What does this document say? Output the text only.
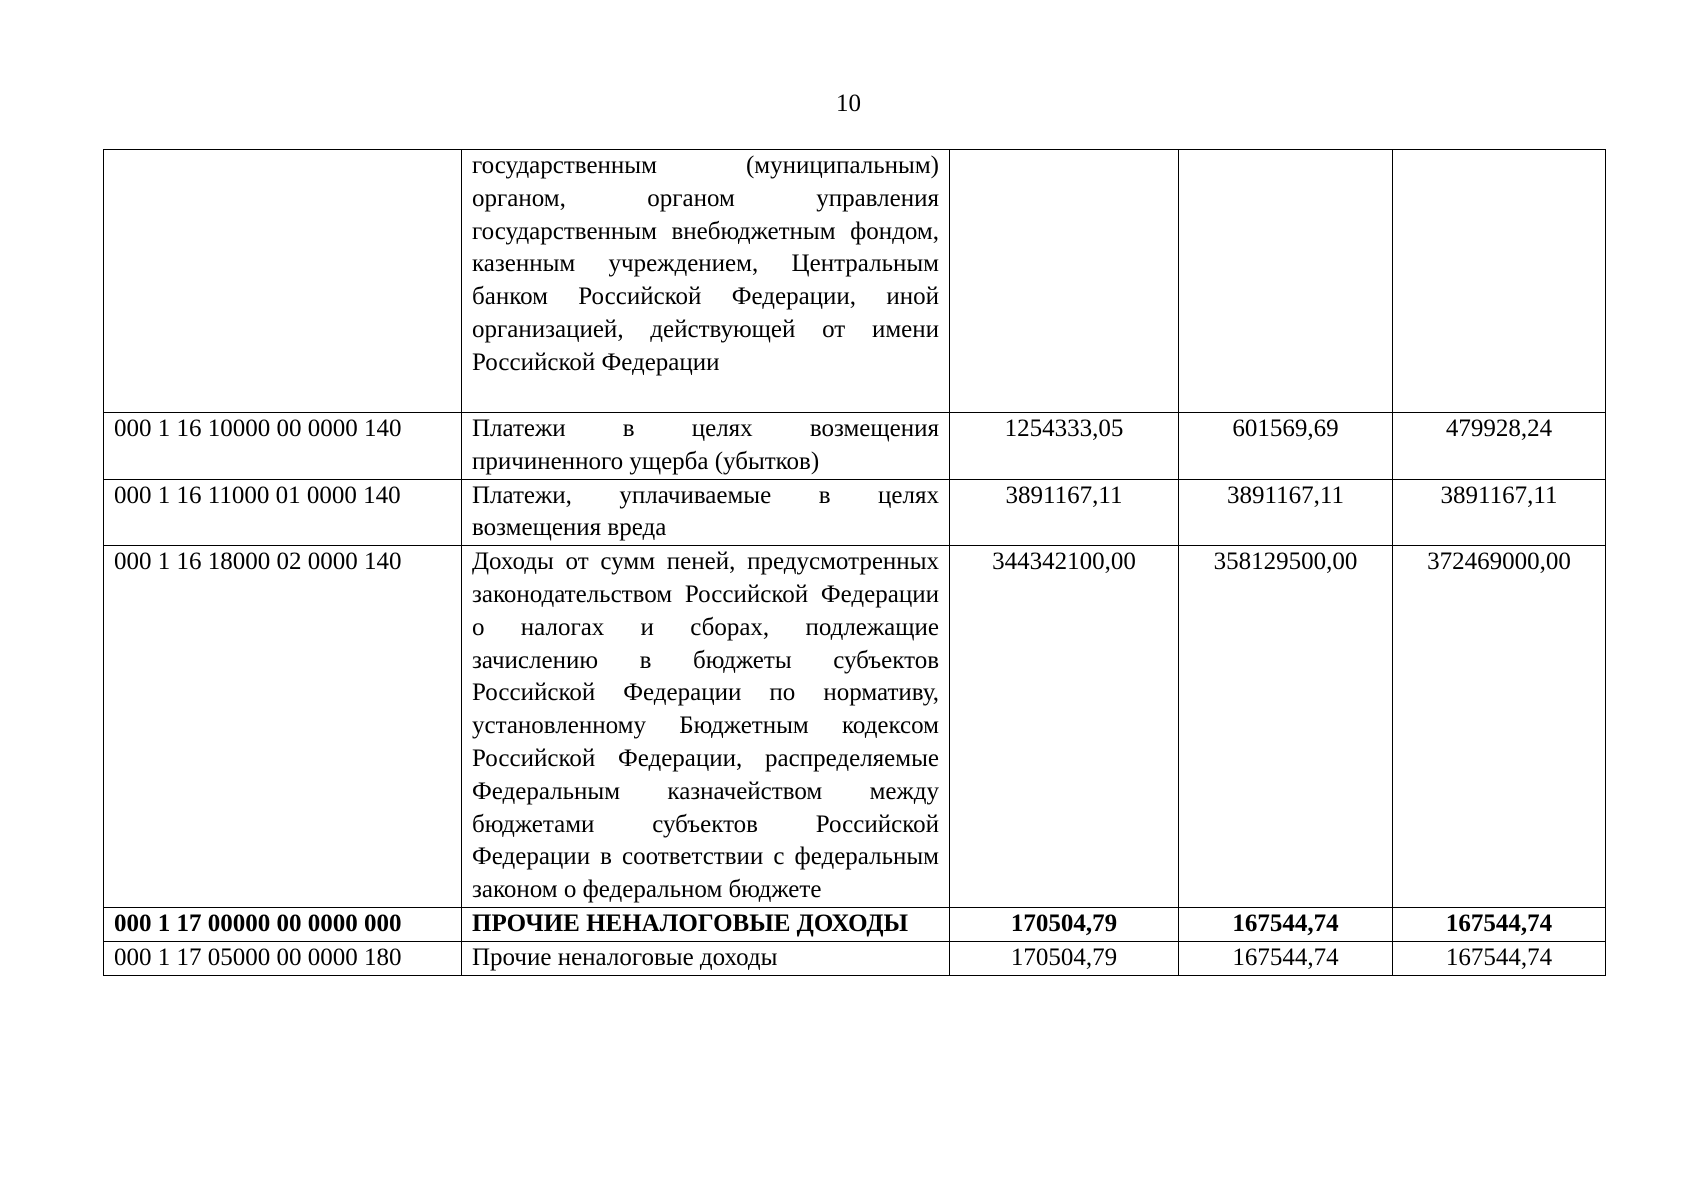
10
	государственным (муниципальным) органом, органом управления государственным внебюджетным фондом, казенным учреждением, Центральным банком Российской Федерации, иной организацией, действующей от имени Российской Федерации			
000 1 16 10000 00 0000 140	Платежи в целях возмещения причиненного ущерба (убытков)	1254333,05	601569,69	479928,24
000 1 16 11000 01 0000 140	Платежи, уплачиваемые в целях возмещения вреда	3891167,11	3891167,11	3891167,11
000 1 16 18000 02 0000 140	Доходы от сумм пеней, предусмотренных законодательством Российской Федерации о налогах и сборах, подлежащие зачислению в бюджеты субъектов Российской Федерации по нормативу, установленному Бюджетным кодексом Российской Федерации, распределяемые Федеральным казначейством между бюджетами субъектов Российской Федерации в соответствии с федеральным законом о федеральном бюджете	344342100,00	358129500,00	372469000,00
000 1 17 00000 00 0000 000	ПРОЧИЕ НЕНАЛОГОВЫЕ ДОХОДЫ	170504,79	167544,74	167544,74
000 1 17 05000 00 0000 180	Прочие неналоговые доходы	170504,79	167544,74	167544,74
